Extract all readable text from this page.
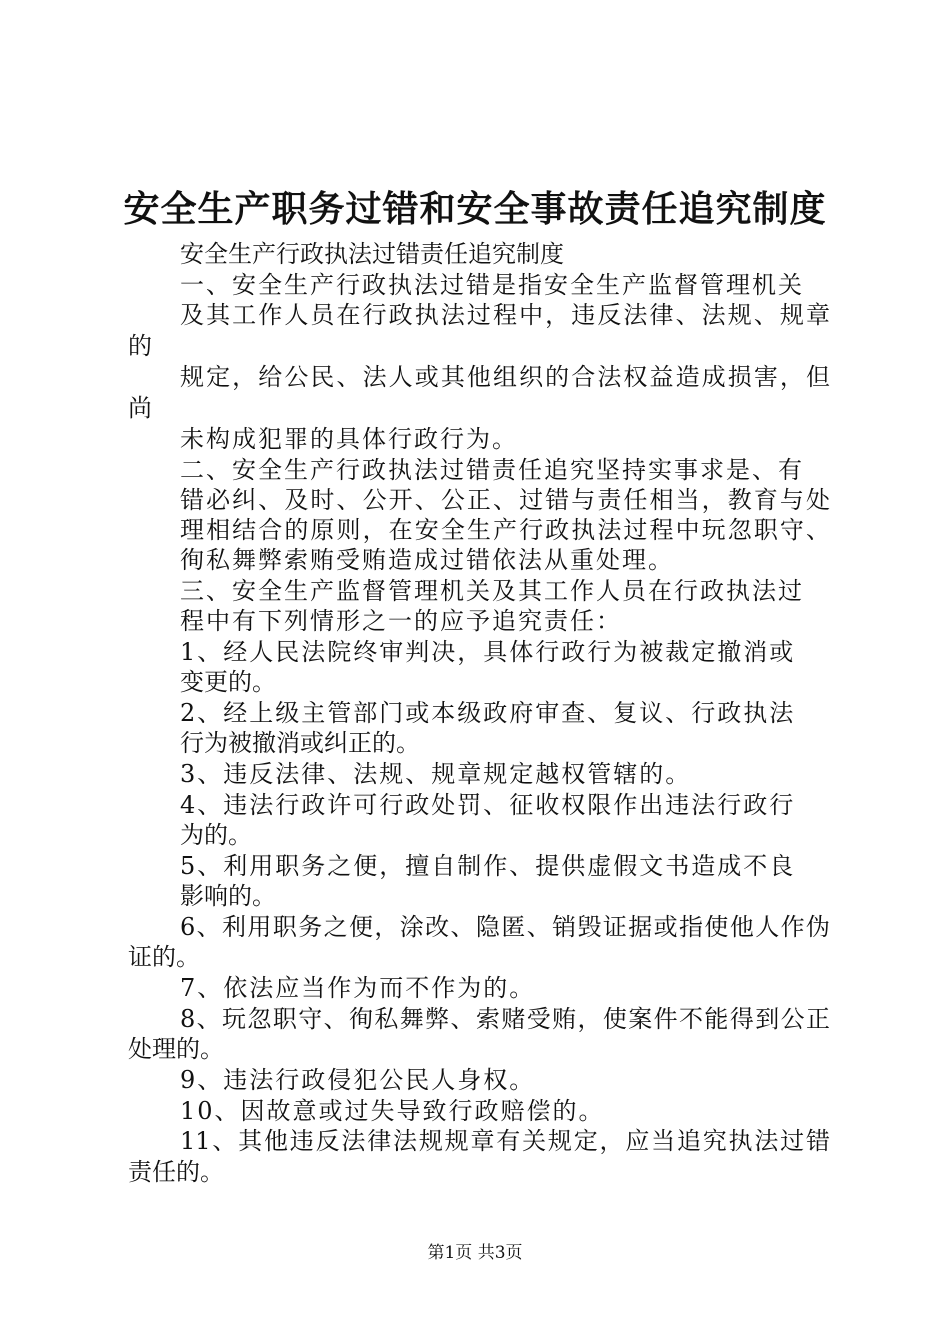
安全生产职务过错和安全事故责任追究制度
安全生产行政执法过错责任追究制度
一、安全生产行政执法过错是指安全生产监督管理机关
及其工作人员在行政执法过程中，违反法律、法规、规章
的
规定，给公民、法人或其他组织的合法权益造成损害，但
尚
未构成犯罪的具体行政行为。
二、安全生产行政执法过错责任追究坚持实事求是、有
错必纠、及时、公开、公正、过错与责任相当，教育与处
理相结合的原则，在安全生产行政执法过程中玩忽职守、
徇私舞弊索贿受贿造成过错依法从重处理。
三、安全生产监督管理机关及其工作人员在行政执法过
程中有下列情形之一的应予追究责任：
1、经人民法院终审判决，具体行政行为被裁定撤消或
变更的。
2、经上级主管部门或本级政府审查、复议、行政执法
行为被撤消或纠正的。
3、违反法律、法规、规章规定越权管辖的。
4、违法行政许可行政处罚、征收权限作出违法行政行
为的。
5、利用职务之便，擅自制作、提供虚假文书造成不良
影响的。
6、利用职务之便，涂改、隐匿、销毁证据或指使他人作伪
证的。
7、依法应当作为而不作为的。
8、玩忽职守、徇私舞弊、索赌受贿，使案件不能得到公正
处理的。
9、违法行政侵犯公民人身权。
10、因故意或过失导致行政赔偿的。
11、其他违反法律法规规章有关规定，应当追究执法过错
责任的。
第1页 共3页
